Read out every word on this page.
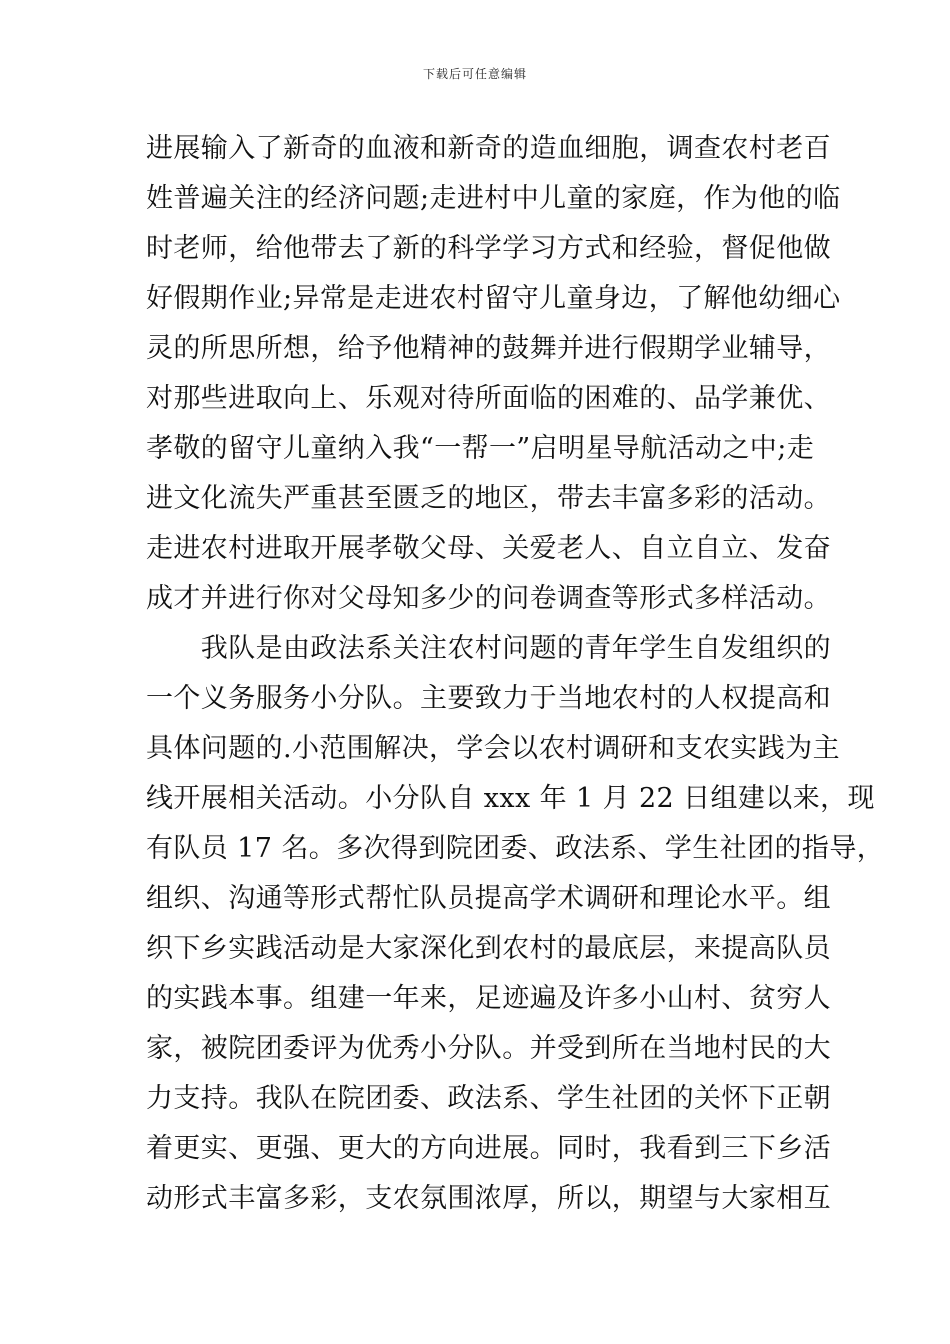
下载后可任意编辑
进展输入了新奇的血液和新奇的造血细胞，调查农村老百
姓普遍关注的经济问题;走进村中儿童的家庭，作为他的临
时老师，给他带去了新的科学学习方式和经验，督促他做
好假期作业;异常是走进农村留守儿童身边，了解他幼细心
灵的所思所想，给予他精神的鼓舞并进行假期学业辅导，
对那些进取向上、乐观对待所面临的困难的、品学兼优、
孝敬的留守儿童纳入我“一帮一”启明星导航活动之中;走
进文化流失严重甚至匮乏的地区，带去丰富多彩的活动。
走进农村进取开展孝敬父母、关爱老人、自立自立、发奋
成才并进行你对父母知多少的问卷调查等形式多样活动。
　　我队是由政法系关注农村问题的青年学生自发组织的
一个义务服务小分队。主要致力于当地农村的人权提高和
具体问题的.小范围解决，学会以农村调研和支农实践为主
线开展相关活动。小分队自 xxx 年 1 月 22 日组建以来，现
有队员 17 名。多次得到院团委、政法系、学生社团的指导，
组织、沟通等形式帮忙队员提高学术调研和理论水平。组
织下乡实践活动是大家深化到农村的最底层，来提高队员
的实践本事。组建一年来，足迹遍及许多小山村、贫穷人
家，被院团委评为优秀小分队。并受到所在当地村民的大
力支持。我队在院团委、政法系、学生社团的关怀下正朝
着更实、更强、更大的方向进展。同时，我看到三下乡活
动形式丰富多彩，支农氛围浓厚，所以，期望与大家相互
